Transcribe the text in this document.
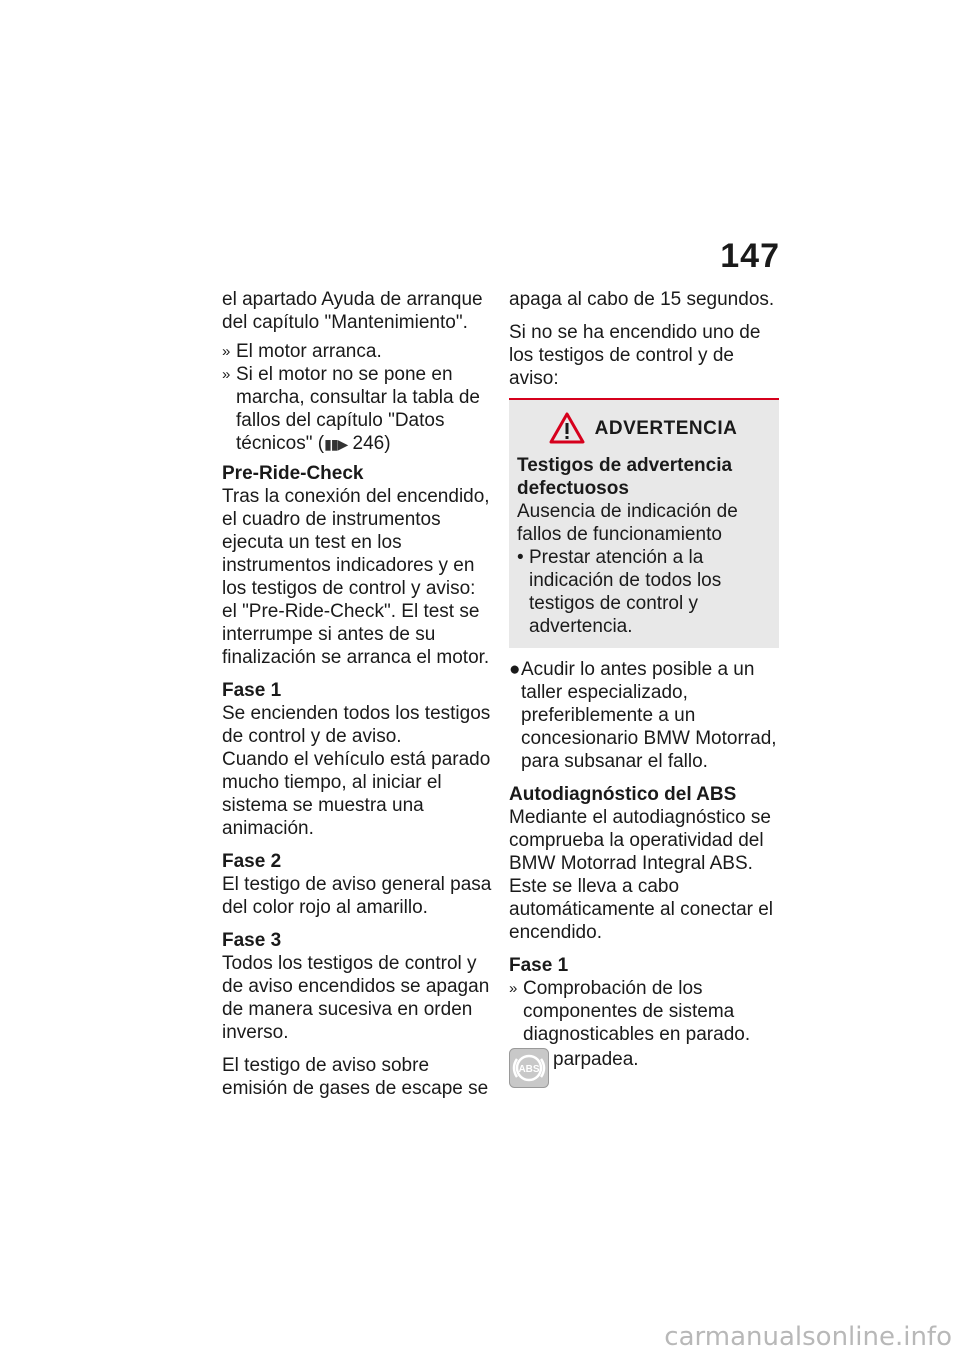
147

el apartado Ayuda de arranque del capítulo "Mantenimiento".

» El motor arranca.

» Si el motor no se pone en marcha, consultar la tabla de fallos del capítulo "Datos técnicos" (▮▮▶ 246)

Pre-Ride-Check

Tras la conexión del encendido, el cuadro de instrumentos ejecuta un test en los instrumentos indicadores y en los testigos de control y aviso: el "Pre-Ride-Check". El test se interrumpe si antes de su finalización se arranca el motor.

Fase 1

Se encienden todos los testigos de control y de aviso.

Cuando el vehículo está parado mucho tiempo, al iniciar el sistema se muestra una animación.

Fase 2

El testigo de aviso general pasa del color rojo al amarillo.

Fase 3

Todos los testigos de control y de aviso encendidos se apagan de manera sucesiva en orden inverso.

El testigo de aviso sobre emisión de gases de escape se

apaga al cabo de 15 segundos.

Si no se ha encendido uno de los testigos de control y de aviso:

ADVERTENCIA

Testigos de advertencia defectuosos

Ausencia de indicación de fallos de funcionamiento

• Prestar atención a la indicación de todos los testigos de control y advertencia.

● Acudir lo antes posible a un taller especializado, preferiblemente a un concesionario BMW Motorrad, para subsanar el fallo.

Autodiagnóstico del ABS

Mediante el autodiagnóstico se comprueba la operatividad del BMW Motorrad Integral ABS. Este se lleva a cabo automáticamente al conectar el encendido.

Fase 1

» Comprobación de los componentes de sistema diagnosticables en parado.

ABS parpadea.
carmanualsonline.info
